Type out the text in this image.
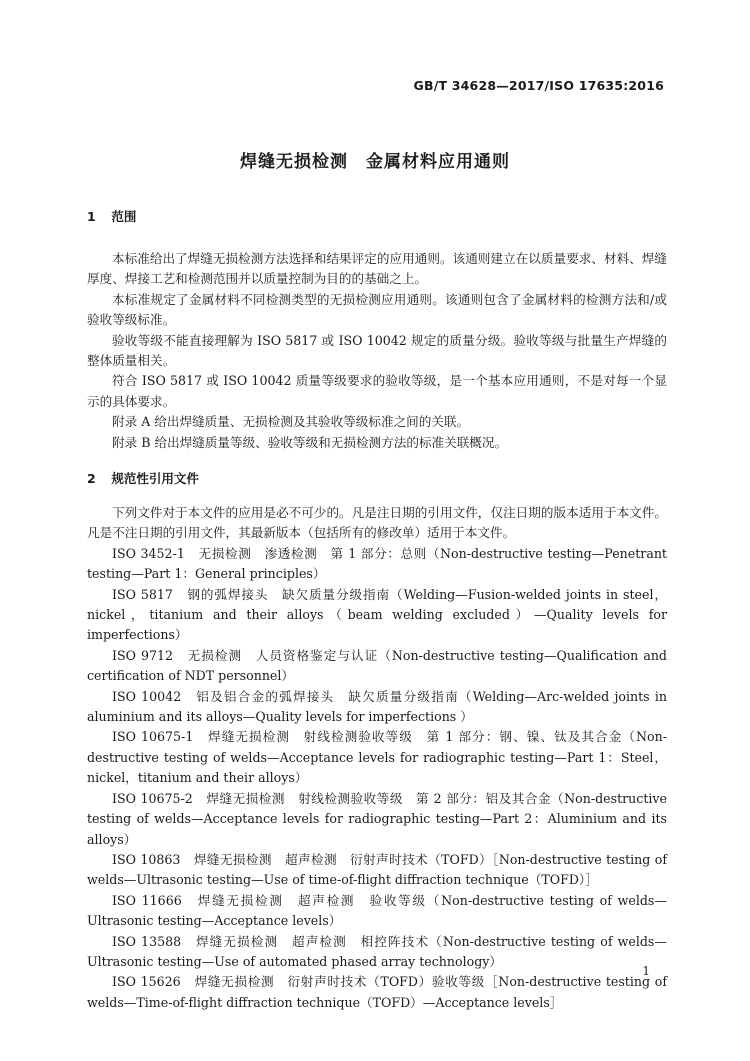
GB/T 34628—2017/ISO 17635:2016
焊缝无损检测　金属材料应用通则
1 范围

本标准给出了焊缝无损检测方法选择和结果评定的应用通则。该通则建立在以质量要求、材料、焊缝厚度、焊接工艺和检测范围并以质量控制为目的的基础之上。

本标准规定了金属材料不同检测类型的无损检测应用通则。该通则包含了金属材料的检测方法和/或验收等级标准。

验收等级不能直接理解为 ISO 5817 或 ISO 10042 规定的质量分级。验收等级与批量生产焊缝的整体质量相关。

符合 ISO 5817 或 ISO 10042 质量等级要求的验收等级，是一个基本应用通则，不是对每一个显示的具体要求。

附录 A 给出焊缝质量、无损检测及其验收等级标准之间的关联。

附录 B 给出焊缝质量等级、验收等级和无损检测方法的标准关联概况。

2 规范性引用文件

下列文件对于本文件的应用是必不可少的。凡是注日期的引用文件，仅注日期的版本适用于本文件。凡是不注日期的引用文件，其最新版本（包括所有的修改单）适用于本文件。

ISO 3452-1　无损检测　渗透检测　第 1 部分：总则（Non-destructive testing—Penetrant testing—Part 1：General principles）

ISO 5817　钢的弧焊接头　缺欠质量分级指南（Welding—Fusion-welded joints in steel，nickel，titanium and their alloys（beam welding excluded）—Quality levels for imperfections）

ISO 9712　无损检测　人员资格鉴定与认证（Non-destructive testing—Qualification and certification of NDT personnel）

ISO 10042　铝及铝合金的弧焊接头　缺欠质量分级指南（Welding—Arc-welded joints in aluminium and its alloys—Quality levels for imperfections ）

ISO 10675-1　焊缝无损检测　射线检测验收等级　第 1 部分：钢、镍、钛及其合金（Non-destructive testing of welds—Acceptance levels for radiographic testing—Part 1：Steel，nickel，titanium and their alloys）

ISO 10675-2　焊缝无损检测　射线检测验收等级　第 2 部分：铝及其合金（Non-destructive testing of welds—Acceptance levels for radiographic testing—Part 2：Aluminium and its alloys）

ISO 10863　焊缝无损检测　超声检测　衍射声时技术（TOFD）［Non-destructive testing of welds—Ultrasonic testing—Use of time-of-flight diffraction technique（TOFD）］

ISO 11666　焊缝无损检测　超声检测　验收等级（Non-destructive testing of welds—Ultrasonic testing—Acceptance levels）

ISO 13588　焊缝无损检测　超声检测　相控阵技术（Non-destructive testing of welds—Ultrasonic testing—Use of automated phased array technology）

ISO 15626　焊缝无损检测　衍射声时技术（TOFD）验收等级［Non-destructive testing of welds—Time-of-flight diffraction technique（TOFD）—Acceptance levels］

1
